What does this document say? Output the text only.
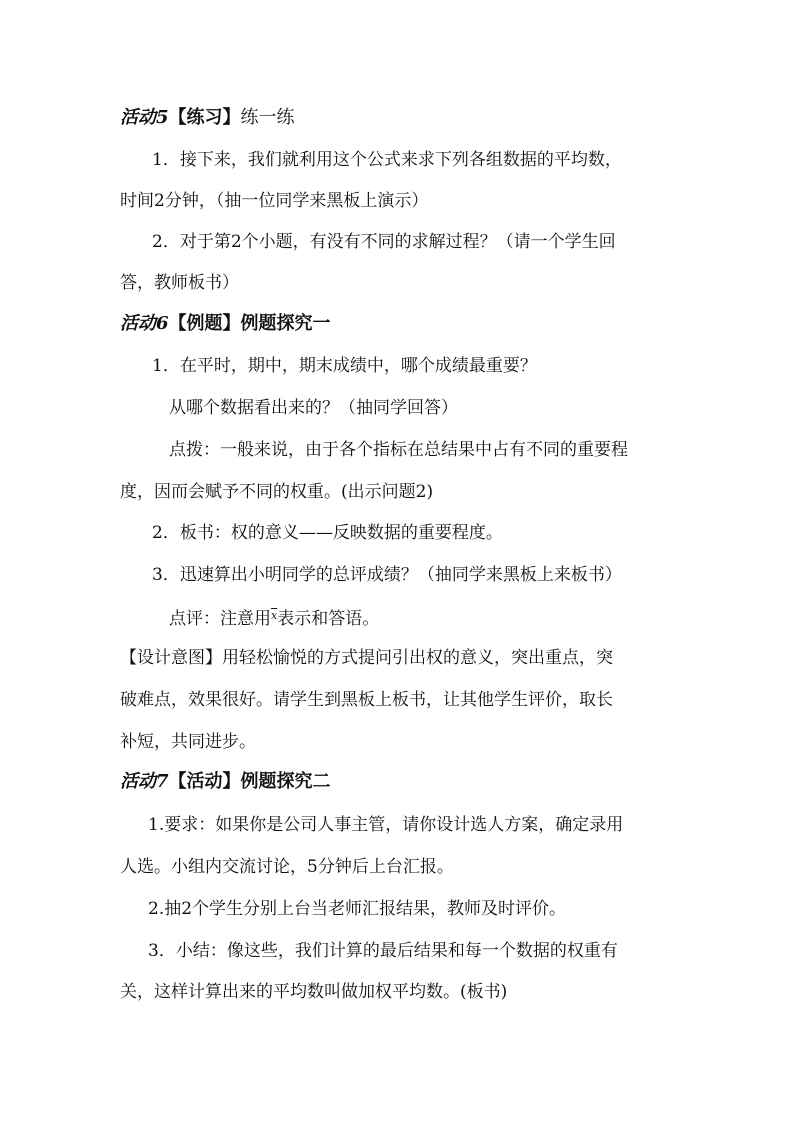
活动5【练习】练一练
1．接下来，我们就利用这个公式来求下列各组数据的平均数，
时间2分钟，（抽一位同学来黑板上演示）
2．对于第2个小题，有没有不同的求解过程？（请一个学生回
答，教师板书）
活动6【例题】例题探究一
1．在平时，期中，期末成绩中，哪个成绩最重要？
从哪个数据看出来的？（抽同学回答）
点拨：一般来说，由于各个指标在总结果中占有不同的重要程
度，因而会赋予不同的权重。(出示问题2)
2．板书：权的意义——反映数据的重要程度。
3．迅速算出小明同学的总评成绩？（抽同学来黑板上来板书）
点评：注意用$^{\overline{x}}$表示和答语。
【设计意图】用轻松愉悦的方式提问引出权的意义，突出重点，突
破难点，效果很好。请学生到黑板上板书，让其他学生评价，取长
补短，共同进步。
活动7【活动】例题探究二
1.要求：如果你是公司人事主管，请你设计选人方案，确定录用
人选。小组内交流讨论，5分钟后上台汇报。
2.抽2个学生分别上台当老师汇报结果，教师及时评价。
3．小结：像这些，我们计算的最后结果和每一个数据的权重有
关，这样计算出来的平均数叫做加权平均数。(板书)
